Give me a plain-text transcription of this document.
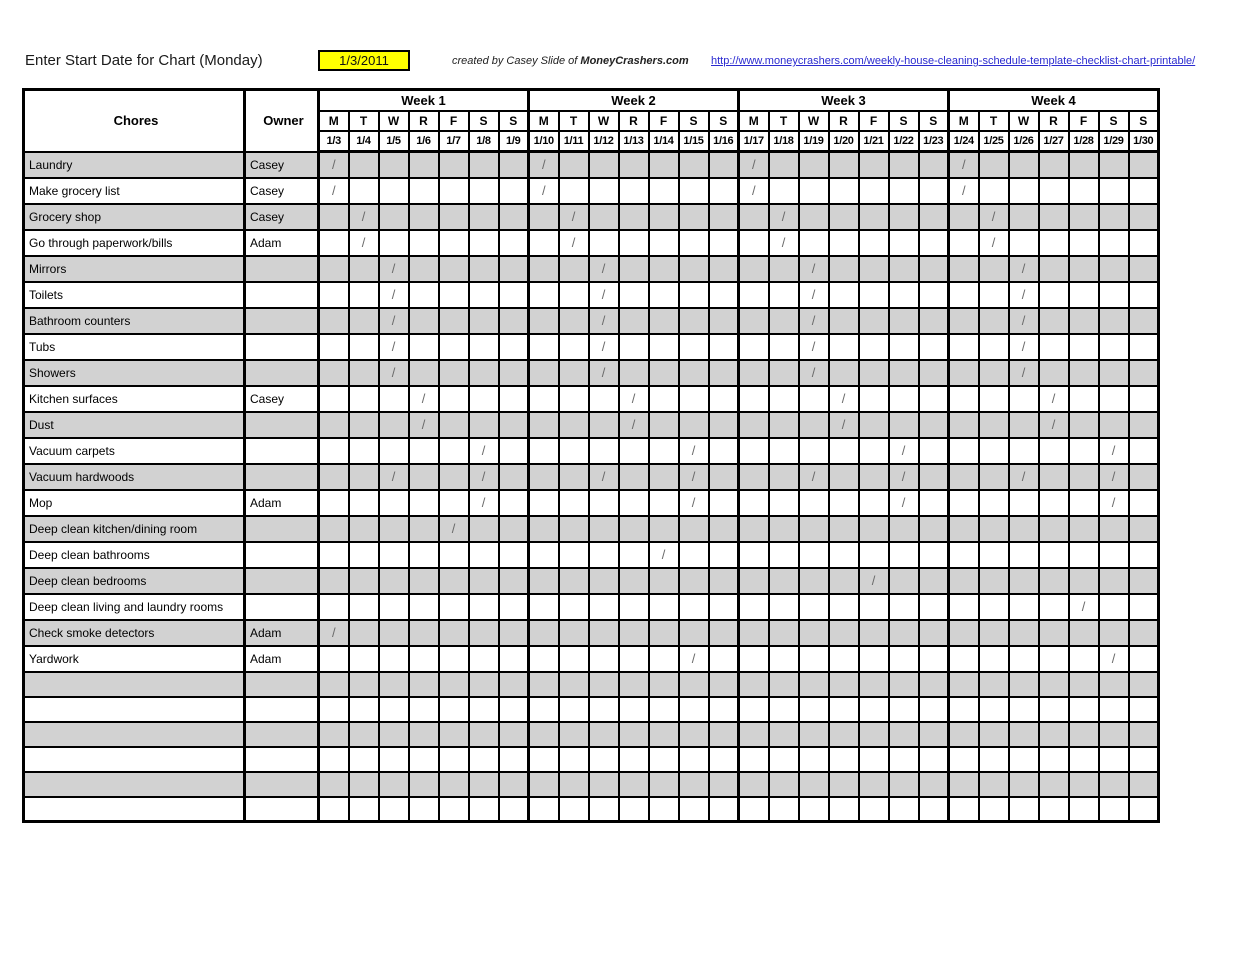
Enter Start Date for Chart (Monday)	1/3/2011	created by Casey Slide of MoneyCrashers.com http://www.moneycrashers.com/weekly-house-cleaning-schedule-template-checklist-chart-printable/
Chores	Owner	Week 1							Week 2							Week 3							Week 4						
		M	T	W	R	F	S	S	M	T	W	R	F	S	S	M	T	W	R	F	S	S	M	T	W	R	F	S	S
		1/3	1/4	1/5	1/6	1/7	1/8	1/9	1/10	1/11	1/12	1/13	1/14	1/15	1/16	1/17	1/18	1/19	1/20	1/21	1/22	1/23	1/24	1/25	1/26	1/27	1/28	1/29	1/30
Laundry	Casey	/							/							/							/						
Make grocery list	Casey	/							/							/							/						
Grocery shop	Casey		/							/							/							/					
Go through paperwork/bills	Adam		/							/							/							/					
Mirrors				/							/							/							/				
Toilets				/							/							/							/				
Bathroom counters				/							/							/							/				
Tubs				/							/							/							/				
Showers				/							/							/							/				
Kitchen surfaces	Casey				/							/							/							/			
Dust					/							/							/							/			
Vacuum carpets							/							/							/							/	
Vacuum hardwoods				/			/				/			/				/			/				/			/	
Mop	Adam						/							/							/							/	
Deep clean kitchen/dining room						/																							
Deep clean bathrooms													/																
Deep clean bedrooms																				/									
Deep clean living and laundry rooms																											/		
Check smoke detectors	Adam	/																											
Yardwork	Adam													/														/	
